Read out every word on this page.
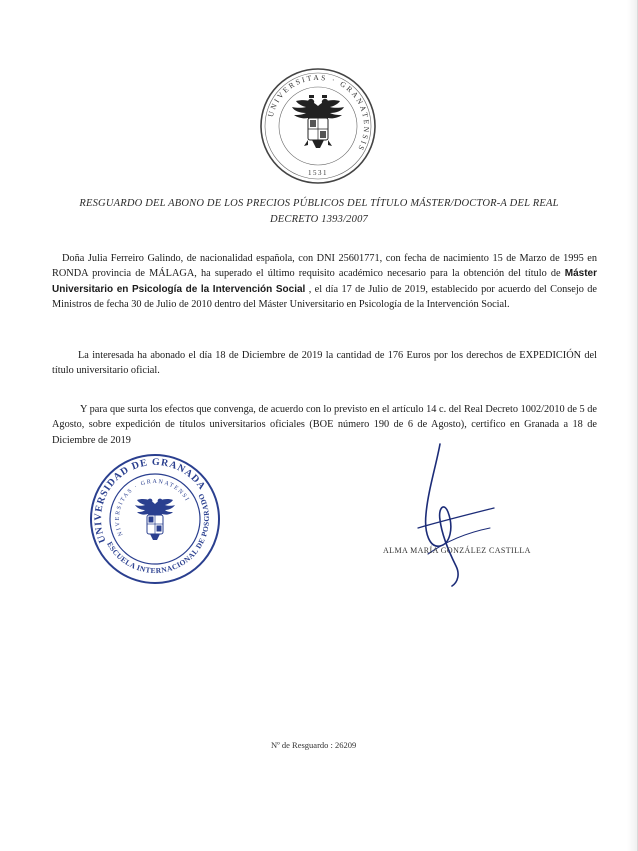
UNIVERSITAS · GRANATENSIS
1531
RESGUARDO DEL ABONO DE LOS PRECIOS PÚBLICOS DEL TÍTULO MÁSTER/DOCTOR-A DEL REAL DECRETO 1393/2007
Doña Julia Ferreiro Galindo, de nacionalidad española, con DNI 25601771, con fecha de nacimiento 15 de Marzo de 1995 en RONDA provincia de MÁLAGA, ha superado el último requisito académico necesario para la obtención del título de Máster Universitario en Psicología de la Intervención Social , el día 17 de Julio de 2019, establecido por acuerdo del Consejo de Ministros de fecha 30 de Julio de 2010 dentro del Máster Universitario en Psicología de la Intervención Social.
La interesada ha abonado el día 18 de Diciembre de 2019 la cantidad de 176 Euros por los derechos de EXPEDICIÓN del título universitario oficial.
Y para que surta los efectos que convenga, de acuerdo con lo previsto en el artículo 14 c. del Real Decreto 1002/2010 de 5 de Agosto, sobre expedición de títulos universitarios oficiales (BOE número 190 de 6 de Agosto), certifico en Granada a 18 de Diciembre de 2019
UNIVERSIDAD DE GRANADA
ESCUELA INTERNACIONAL DE POSGRADO
UNIVERSITAS · GRANATENSIS
ALMA MARÍA GONZÁLEZ CASTILLA
Nº de Resguardo : 26209
